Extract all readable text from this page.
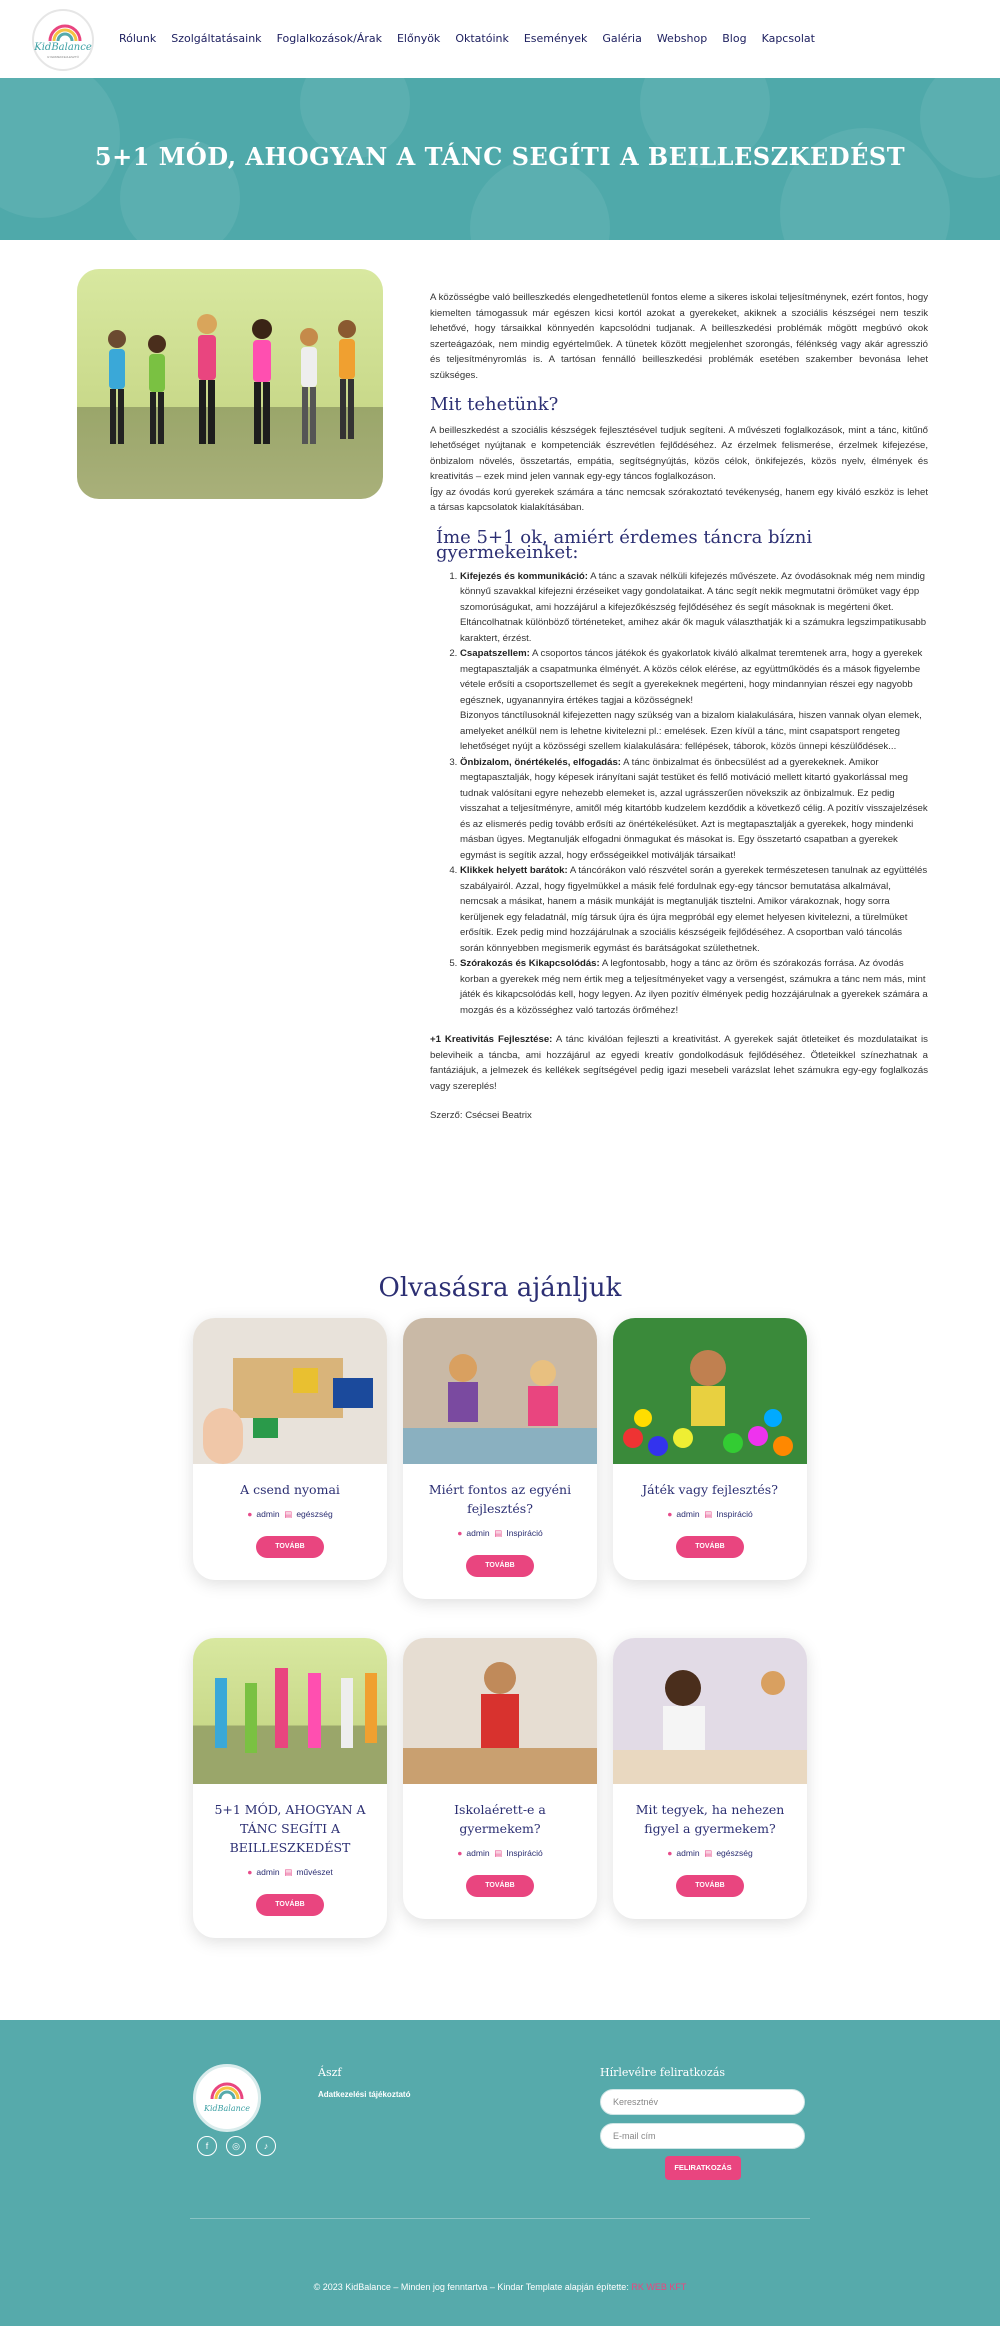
KidBalance
GYERMEKFEJLESZTŐ
Rólunk Szolgáltatásaink Foglalkozások/Árak Előnyök Oktatóink Események Galéria Webshop Blog Kapcsolat
5+1 MÓD, AHOGYAN A TÁNC SEGÍTI A BEILLESZKEDÉST

A közösségbe való beilleszkedés elengedhetetlenül fontos eleme a sikeres iskolai teljesítménynek, ezért fontos, hogy kiemelten támogassuk már egészen kicsi kortól azokat a gyerekeket, akiknek a szociális készségei nem teszik lehetővé, hogy társaikkal könnyedén kapcsolódni tudjanak. A beilleszkedési problémák mögött megbúvó okok szerteágazóak, nem mindig egyértelműek. A tünetek között megjelenhet szorongás, félénkség vagy akár agresszió és teljesítményromlás is. A tartósan fennálló beilleszkedési problémák esetében szakember bevonása lehet szükséges.

Mit tehetünk?

A beilleszkedést a szociális készségek fejlesztésével tudjuk segíteni. A művészeti foglalkozások, mint a tánc, kitűnő lehetőséget nyújtanak e kompetenciák észrevétlen fejlődéséhez. Az érzelmek felismerése, érzelmek kifejezése, önbizalom növelés, összetartás, empátia, segítségnyújtás, közös célok, önkifejezés, közös nyelv, élmények és kreativitás – ezek mind jelen vannak egy-egy táncos foglalkozáson.

Így az óvodás korú gyerekek számára a tánc nemcsak szórakoztató tevékenység, hanem egy kiváló eszköz is lehet a társas kapcsolatok kialakításában.

Íme 5+1 ok, amiért érdemes táncra bízni gyermekeinket:
1. Kifejezés és kommunikáció: A tánc a szavak nélküli kifejezés művészete. Az óvodásoknak még nem mindig könnyű szavakkal kifejezni érzéseiket vagy gondolataikat. A tánc segít nekik megmutatni örömüket vagy épp szomorúságukat, ami hozzájárul a kifejezőkészség fejlődéséhez és segít másoknak is megérteni őket. Eltáncolhatnak különböző történeteket, amihez akár ők maguk választhatják ki a számukra legszimpatikusabb karaktert, érzést.
2. Csapatszellem: A csoportos táncos játékok és gyakorlatok kiváló alkalmat teremtenek arra, hogy a gyerekek megtapasztalják a csapatmunka élményét. A közös célok elérése, az együttműködés és a mások figyelembe vétele erősíti a csoportszellemet és segít a gyerekeknek megérteni, hogy mindannyian részei egy nagyobb egésznek, ugyanannyira értékes tagjai a közösségnek!
Bizonyos tánctílusoknál kifejezetten nagy szükség van a bizalom kialakulására, hiszen vannak olyan elemek, amelyeket anélkül nem is lehetne kivitelezni pl.: emelések. Ezen kívül a tánc, mint csapatsport rengeteg lehetőséget nyújt a közösségi szellem kialakulására: fellépések, táborok, közös ünnepi készülődések...
3. Önbizalom, önértékelés, elfogadás: A tánc önbizalmat és önbecsülést ad a gyerekeknek. Amikor megtapasztalják, hogy képesek irányítani saját testüket és fellő motiváció mellett kitartó gyakorlással meg tudnak valósítani egyre nehezebb elemeket is, azzal ugrásszerűen növekszik az önbizalmuk. Ez pedig visszahat a teljesítményre, amitől még kitartóbb kudzelem kezdődik a következő célig. A pozitív visszajelzések és az elismerés pedig tovább erősíti az önértékelésüket. Azt is megtapasztalják a gyerekek, hogy mindenki másban ügyes. Megtanulják elfogadni önmagukat és másokat is. Egy összetartó csapatban a gyerekek egymást is segítik azzal, hogy erősségeikkel motiválják társaikat!
4. Klikkek helyett barátok: A táncórákon való részvétel során a gyerekek természetesen tanulnak az együttélés szabályairól. Azzal, hogy figyelmükkel a másik felé fordulnak egy-egy táncsor bemutatása alkalmával, nemcsak a másikat, hanem a másik munkáját is megtanulják tisztelni. Amikor várakoznak, hogy sorra kerüljenek egy feladatnál, míg társuk újra és újra megpróbál egy elemet helyesen kivitelezni, a türelmüket erősítik. Ezek pedig mind hozzájárulnak a szociális készségeik fejlődéséhez. A csoportban való táncolás során könnyebben megismerik egymást és barátságokat születhetnek.
5. Szórakozás és Kikapcsolódás: A legfontosabb, hogy a tánc az öröm és szórakozás forrása. Az óvodás korban a gyerekek még nem értik meg a teljesítményeket vagy a versengést, számukra a tánc nem más, mint játék és kikapcsolódás kell, hogy legyen. Az ilyen pozitív élmények pedig hozzájárulnak a gyerekek számára a mozgás és a közösséghez való tartozás örőméhez!

+1 Kreativitás Fejlesztése: A tánc kiválóan fejleszti a kreativitást. A gyerekek saját ötleteiket és mozdulataikat is beleviheik a táncba, ami hozzájárul az egyedi kreatív gondolkodásuk fejlődéséhez. Ötleteikkel színezhatnak a fantáziájuk, a jelmezek és kellékek segítségével pedig igazi mesebeli varázslat lehet számukra egy-egy foglalkozás vagy szereplés!

Szerző: Csécsei Beatrix

Olvasásra ajánljuk
A csend nyomai
● admin ▤ egészség
TOVÁBB
Miért fontos az egyéni fejlesztés?
● admin ▤ Inspiráció
TOVÁBB
Játék vagy fejlesztés?
● admin ▤ Inspiráció
TOVÁBB
5+1 MÓD, AHOGYAN A TÁNC SEGÍTI A BEILLESZKEDÉST
● admin ▤ művészet
TOVÁBB
Iskolaérett-e a gyermekem?
● admin ▤ Inspiráció
TOVÁBB
Mit tegyek, ha nehezen figyel a gyermekem?
● admin ▤ egészség
TOVÁBB
KidBalance
f	◎	♪
Ászf
Adatkezelési tájékoztató
Hírlevélre feliratkozás
Keresztnév
E-mail cím
FELIRATKOZÁS
© 2023 KidBalance – Minden jog fenntartva – Kindar Template alapján építette: RK WEB KFT
